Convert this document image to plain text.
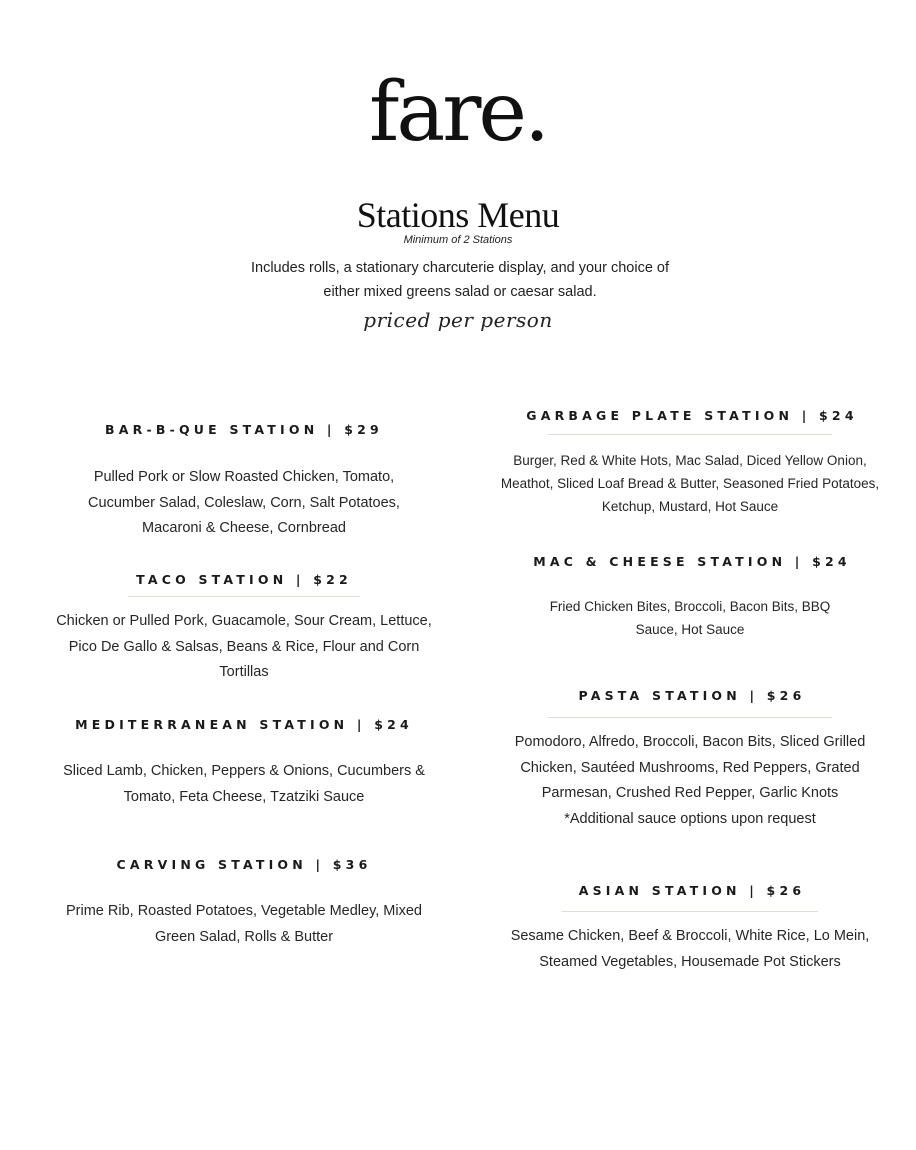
fare.
Stations Menu
Minimum of 2 Stations
Includes rolls, a stationary charcuterie display, and your choice of either mixed greens salad or caesar salad.
priced per person
BAR-B-QUE STATION | $29
Pulled Pork or Slow Roasted Chicken, Tomato, Cucumber Salad, Coleslaw, Corn, Salt Potatoes, Macaroni & Cheese, Cornbread
TACO STATION | $22
Chicken or Pulled Pork, Guacamole, Sour Cream, Lettuce, Pico De Gallo & Salsas, Beans & Rice, Flour and Corn Tortillas
MEDITERRANEAN STATION | $24
Sliced Lamb, Chicken, Peppers & Onions, Cucumbers & Tomato, Feta Cheese, Tzatziki Sauce
CARVING STATION | $36
Prime Rib, Roasted Potatoes, Vegetable Medley, Mixed Green Salad, Rolls & Butter
GARBAGE PLATE STATION | $24
Burger, Red & White Hots, Mac Salad, Diced Yellow Onion, Meathot, Sliced Loaf Bread & Butter, Seasoned Fried Potatoes, Ketchup, Mustard, Hot Sauce
MAC & CHEESE STATION | $24
Fried Chicken Bites, Broccoli, Bacon Bits, BBQ Sauce, Hot Sauce
PASTA STATION | $26
Pomodoro, Alfredo, Broccoli, Bacon Bits, Sliced Grilled Chicken, Sautéed Mushrooms, Red Peppers, Grated Parmesan, Crushed Red Pepper, Garlic Knots
*Additional sauce options upon request
ASIAN STATION | $26
Sesame Chicken, Beef & Broccoli, White Rice, Lo Mein, Steamed Vegetables, Housemade Pot Stickers
